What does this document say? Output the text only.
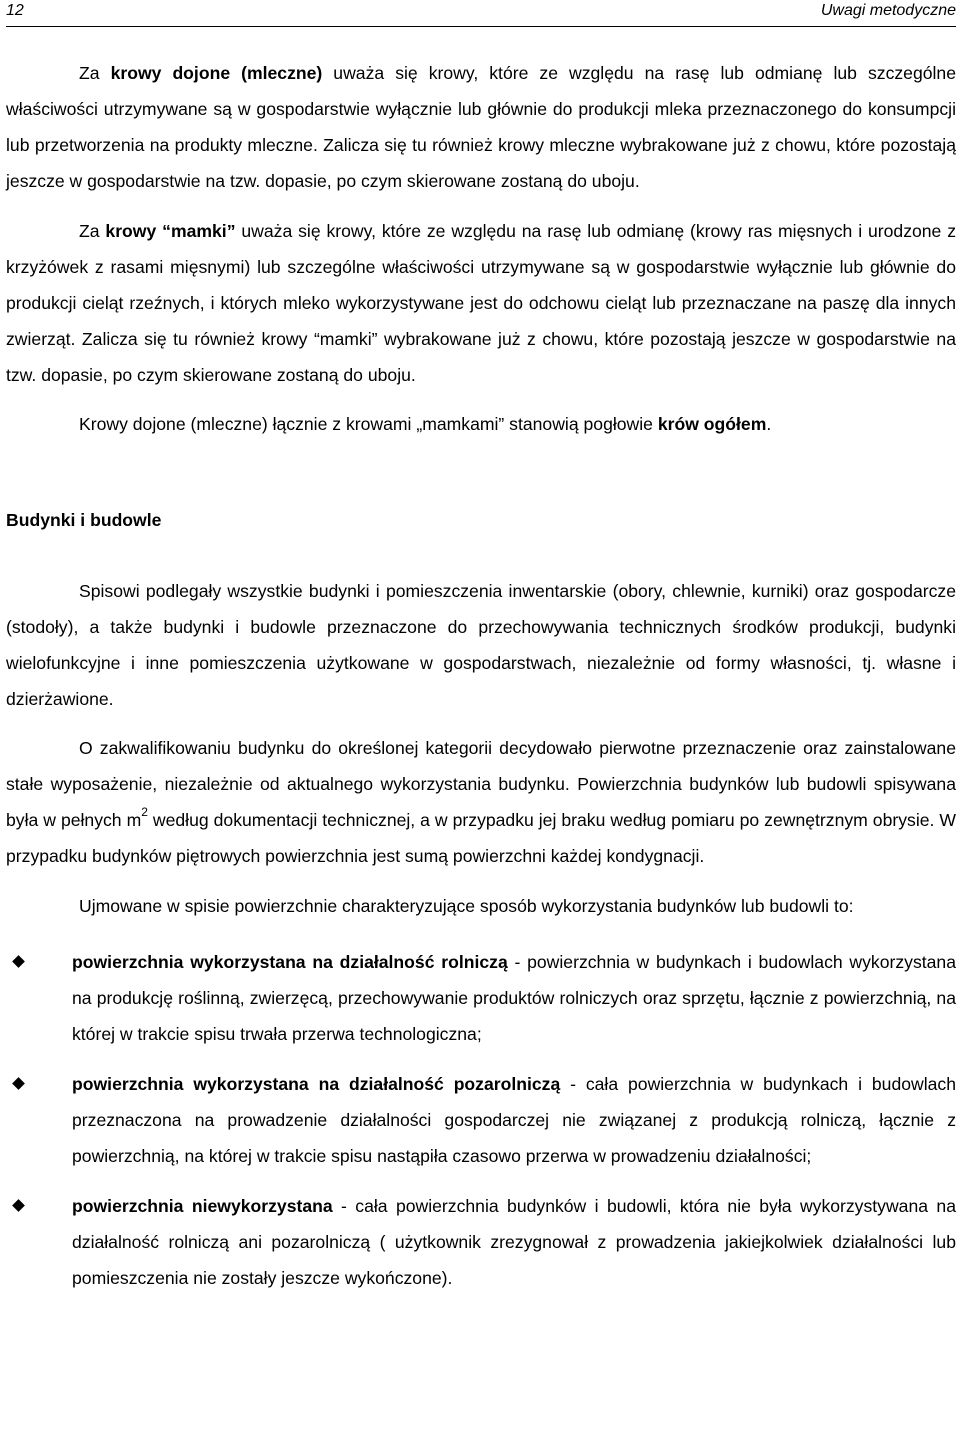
12	Uwagi metodyczne

Za krowy dojone (mleczne) uważa się krowy, które ze względu na rasę lub odmianę lub szczególne właściwości utrzymywane są w gospodarstwie wyłącznie lub głównie do produkcji mleka przeznaczonego do konsumpcji lub przetworzenia na produkty mleczne. Zalicza się tu również krowy mleczne wybrakowane już z chowu, które pozostają jeszcze w gospodarstwie na tzw. dopasie, po czym skierowane zostaną do uboju.

Za krowy “mamki” uważa się krowy, które ze względu na rasę lub odmianę (krowy ras mięsnych i urodzone z krzyżówek z rasami mięsnymi) lub szczególne właściwości utrzymywane są w gospodarstwie wyłącznie lub głównie do produkcji cieląt rzeźnych, i których mleko wykorzystywane jest do odchowu cieląt lub przeznaczane na paszę dla innych zwierząt. Zalicza się tu również krowy “mamki” wybrakowane już z chowu, które pozostają jeszcze w gospodarstwie na tzw. dopasie, po czym skierowane zostaną do uboju.

Krowy dojone (mleczne) łącznie z krowami „mamkami” stanowią pogłowie krów ogółem.

Budynki i budowle

Spisowi podlegały wszystkie budynki i pomieszczenia inwentarskie (obory, chlewnie, kurniki) oraz gospodarcze (stodoły), a także budynki i budowle przeznaczone do przechowywania technicznych środków produkcji, budynki wielofunkcyjne i inne pomieszczenia użytkowane w gospodarstwach, niezależnie od formy własności, tj. własne i dzierżawione.

O zakwalifikowaniu budynku do określonej kategorii decydowało pierwotne przeznaczenie oraz zainstalowane stałe wyposażenie, niezależnie od aktualnego wykorzystania budynku. Powierzchnia budynków lub budowli spisywana była w pełnych $m^2$ według dokumentacji technicznej, a w przypadku jej braku według pomiaru po zewnętrznym obrysie. W przypadku budynków piętrowych powierzchnia jest sumą powierzchni każdej kondygnacji.

Ujmowane w spisie powierzchnie charakteryzujące sposób wykorzystania budynków lub budowli to:

powierzchnia wykorzystana na działalność rolniczą - powierzchnia w budynkach i budowlach wykorzystana na produkcję roślinną, zwierzęcą, przechowywanie produktów rolniczych oraz sprzętu, łącznie z powierzchnią, na której w trakcie spisu trwała przerwa technologiczna;
powierzchnia wykorzystana na działalność pozarolniczą - cała powierzchnia w budynkach i budowlach przeznaczona na prowadzenie działalności gospodarczej nie związanej z produkcją rolniczą, łącznie z powierzchnią, na której w trakcie spisu nastąpiła czasowo przerwa w prowadzeniu działalności;
powierzchnia niewykorzystana - cała powierzchnia budynków i budowli, która nie była wykorzystywana na działalność rolniczą ani pozarolniczą ( użytkownik zrezygnował z prowadzenia jakiejkolwiek działalności lub pomieszczenia nie zostały jeszcze wykończone).
